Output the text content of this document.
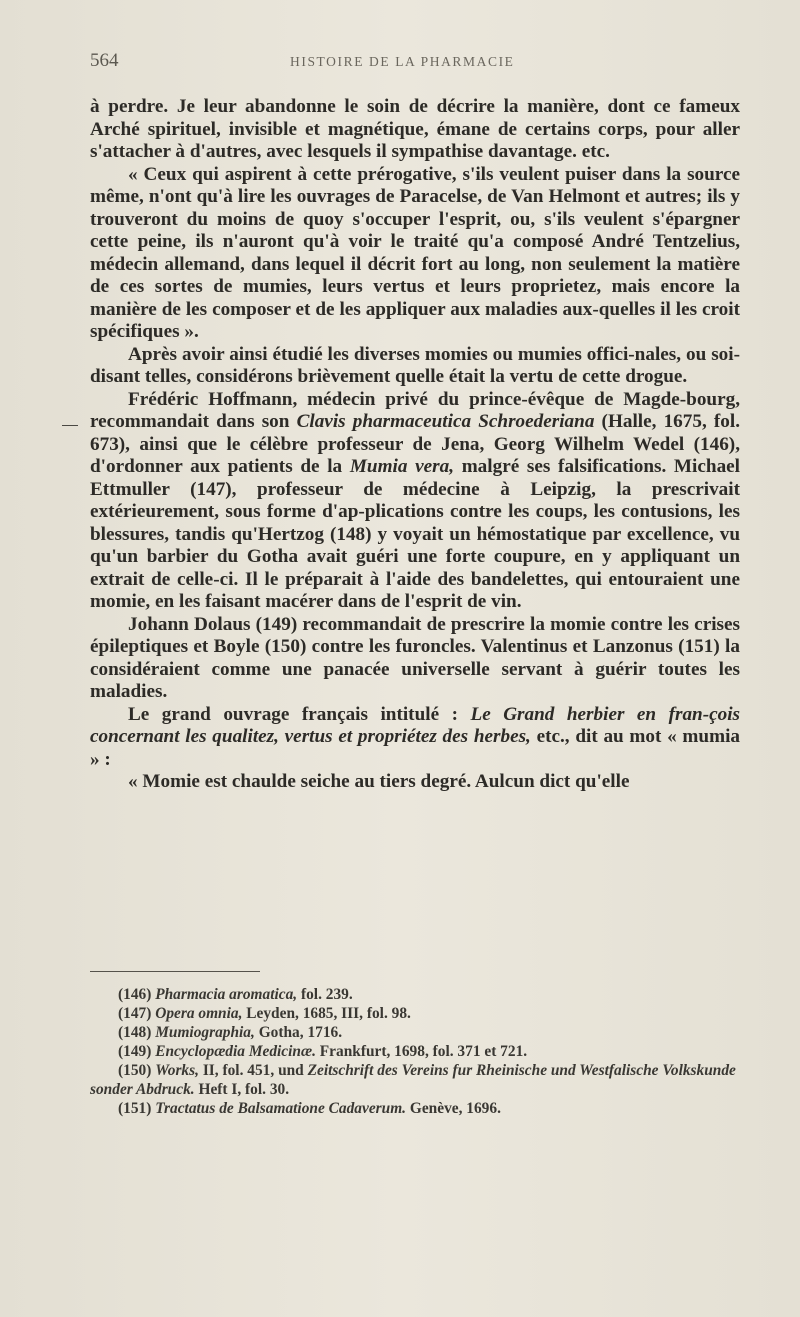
564	HISTOIRE DE LA PHARMACIE

à perdre. Je leur abandonne le soin de décrire la manière, dont ce fameux Arché spirituel, invisible et magnétique, émane de certains corps, pour aller s'attacher à d'autres, avec lesquels il sympathise davantage. etc.

« Ceux qui aspirent à cette prérogative, s'ils veulent puiser dans la source même, n'ont qu'à lire les ouvrages de Paracelse, de Van Helmont et autres; ils y trouveront du moins de quoy s'occuper l'esprit, ou, s'ils veulent s'épargner cette peine, ils n'auront qu'à voir le traité qu'a composé André Tentzelius, médecin allemand, dans lequel il décrit fort au long, non seulement la matière de ces sortes de mumies, leurs vertus et leurs proprietez, mais encore la manière de les composer et de les appliquer aux maladies aux-quelles il les croit spécifiques ».

Après avoir ainsi étudié les diverses momies ou mumies offici-nales, ou soi-disant telles, considérons brièvement quelle était la vertu de cette drogue.

Frédéric Hoffmann, médecin privé du prince-évêque de Magde-bourg, recommandait dans son Clavis pharmaceutica Schroederiana (Halle, 1675, fol. 673), ainsi que le célèbre professeur de Jena, Georg Wilhelm Wedel (146), d'ordonner aux patients de la Mumia vera, malgré ses falsifications. Michael Ettmuller (147), professeur de médecine à Leipzig, la prescrivait extérieurement, sous forme d'ap-plications contre les coups, les contusions, les blessures, tandis qu'Hertzog (148) y voyait un hémostatique par excellence, vu qu'un barbier du Gotha avait guéri une forte coupure, en y appliquant un extrait de celle-ci. Il le préparait à l'aide des bandelettes, qui entouraient une momie, en les faisant macérer dans de l'esprit de vin.

Johann Dolaus (149) recommandait de prescrire la momie contre les crises épileptiques et Boyle (150) contre les furoncles. Valentinus et Lanzonus (151) la considéraient comme une panacée universelle servant à guérir toutes les maladies.

Le grand ouvrage français intitulé : Le Grand herbier en fran-çois concernant les qualitez, vertus et propriétez des herbes, etc., dit au mot « mumia » :

« Momie est chaulde seiche au tiers degré. Aulcun dict qu'elle

(146) Pharmacia aromatica, fol. 239.

(147) Opera omnia, Leyden, 1685, III, fol. 98.

(148) Mumiographia, Gotha, 1716.

(149) Encyclopædia Medicinæ. Frankfurt, 1698, fol. 371 et 721.

(150) Works, II, fol. 451, und Zeitschrift des Vereins fur Rheinische und Westfalische Volkskunde sonder Abdruck. Heft I, fol. 30.

(151) Tractatus de Balsamatione Cadaverum. Genève, 1696.
